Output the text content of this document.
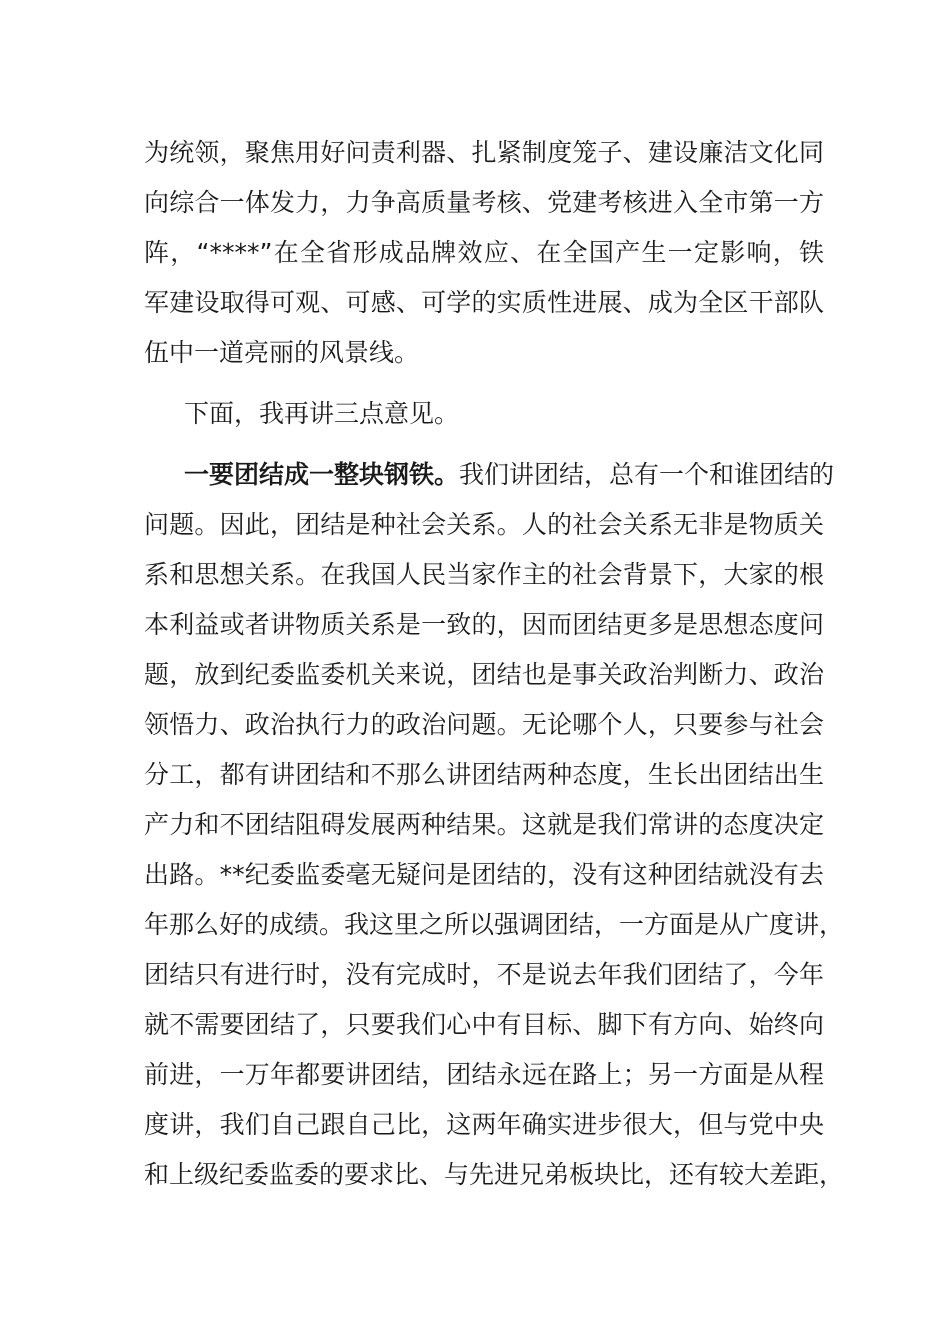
为统领，聚焦用好问责利器、扎紧制度笼子、建设廉洁文化同
向综合一体发力，力争高质量考核、党建考核进入全市第一方
阵，“****”在全省形成品牌效应、在全国产生一定影响，铁
军建设取得可观、可感、可学的实质性进展、成为全区干部队
伍中一道亮丽的风景线。
下面，我再讲三点意见。
一要团结成一整块钢铁。我们讲团结，总有一个和谁团结的
问题。因此，团结是种社会关系。人的社会关系无非是物质关
系和思想关系。在我国人民当家作主的社会背景下，大家的根
本利益或者讲物质关系是一致的，因而团结更多是思想态度问
题，放到纪委监委机关来说，团结也是事关政治判断力、政治
领悟力、政治执行力的政治问题。无论哪个人，只要参与社会
分工，都有讲团结和不那么讲团结两种态度，生长出团结出生
产力和不团结阻碍发展两种结果。这就是我们常讲的态度决定
出路。**纪委监委毫无疑问是团结的，没有这种团结就没有去
年那么好的成绩。我这里之所以强调团结，一方面是从广度讲，
团结只有进行时，没有完成时，不是说去年我们团结了，今年
就不需要团结了，只要我们心中有目标、脚下有方向、始终向
前进，一万年都要讲团结，团结永远在路上；另一方面是从程
度讲，我们自己跟自己比，这两年确实进步很大，但与党中央
和上级纪委监委的要求比、与先进兄弟板块比，还有较大差距，
